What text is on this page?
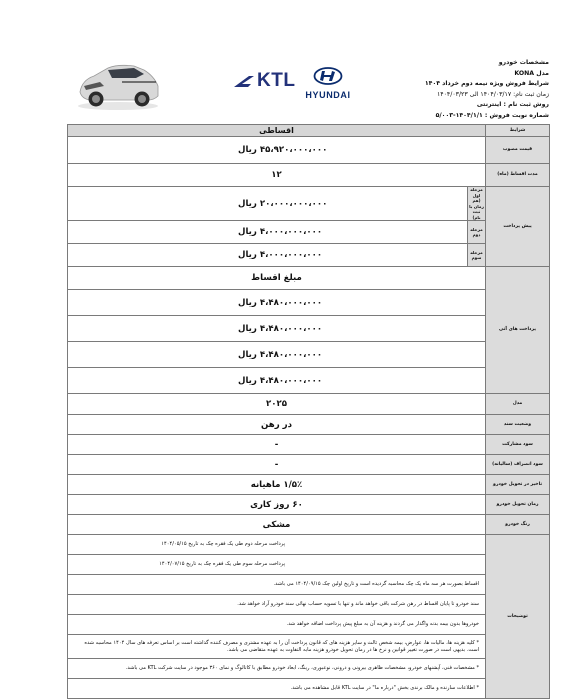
KTL
HYUNDAI
مشخصات خودرو
مدل KONA
شرایط فروش ویژه نیمه دوم خرداد ۱۴۰۴
زمان ثبت نام: ۱۴۰۴/۰۳/۱۷ الی ۱۴۰۴/۰۳/۲۳
روش ثبت نام : اینترنتی
شماره نوبت فروش : ۱۴۰۴/۱/۱-۵/۰۰۳
اقساطی		شرایط
۴۵،۹۲۰،۰۰۰،۰۰۰ ریال		قیمت مصوب
۱۲		مدت اقساط (ماه)
۲۰،۰۰۰،۰۰۰،۰۰۰ ریال	مرحله اول (هم زمان با ثبت نام)	پیش پرداخت
۴،۰۰۰،۰۰۰،۰۰۰ ریال	مرحله دوم	
۴،۰۰۰،۰۰۰،۰۰۰ ریال	مرحله سوم	
مبلغ اقساط		پرداخت های آتی
۴،۴۸۰،۰۰۰،۰۰۰ ریال		
۴،۴۸۰،۰۰۰،۰۰۰ ریال		
۴،۴۸۰،۰۰۰،۰۰۰ ریال		
۴،۴۸۰،۰۰۰،۰۰۰ ریال		
۲۰۲۵		مدل
در رهن		وضعیت سند
-		سود مشارکت
-		سود انصراف (سالیانه)
۱/۵٪ ماهیانه		تاخیر در تحویل خودرو
۶۰ روز کاری		زمان تحویل خودرو
مشکی		رنگ خودرو
پرداخت مرحله دوم طی یک فقره چک به تاریخ ۱۴۰۴/۰۵/۱۵		توضیحات
پرداخت مرحله سوم طی یک فقره چک به تاریخ ۱۴۰۴/۰۷/۱۵		
اقساط بصورت هر سه ماه یک چک محاسبه گردیده است و تاریخ اولین چک ۱۴۰۴/۰۹/۱۵ می باشد.		
سند خودرو تا پایان اقساط در رهن شرکت باقی خواهد ماند و تنها با تسویه حساب نهائی سند خودرو آزاد خواهد شد.		
خودروها بدون بیمه بدنه واگذار می گردند و هزینه آن به مبلغ پیش پرداخت اضافه خواهد شد.		
* کلیه هزینه ها، مالیات ها، عوارض، بیمه شخص ثالث و سایر هزینه های که قانون پرداخت آن را به عهده مشتری و مصرف کننده گذاشته است بر اساس تعرفه های سال ۱۴۰۴ محاسبه شده است. بدیهی است در صورت تغییر قوانین و نرخ ها در زمان تحویل خودرو هزینه مابه التفاوت به عهده متقاضی می باشد.		
* مشخصات فنی، آپشنهای خودرو، مشخصات ظاهری بیرونی و درونی، نوعبوری، رینگ، ابعاد خودرو مطابق با کاتالوگ و نمای ۳۶۰ موجود در سایت شرکت KTL می باشد.		
* اطلاعات سازنده و مالک برندی بخش "درباره ما" در سایت KTL قابل مشاهده می باشد.		
